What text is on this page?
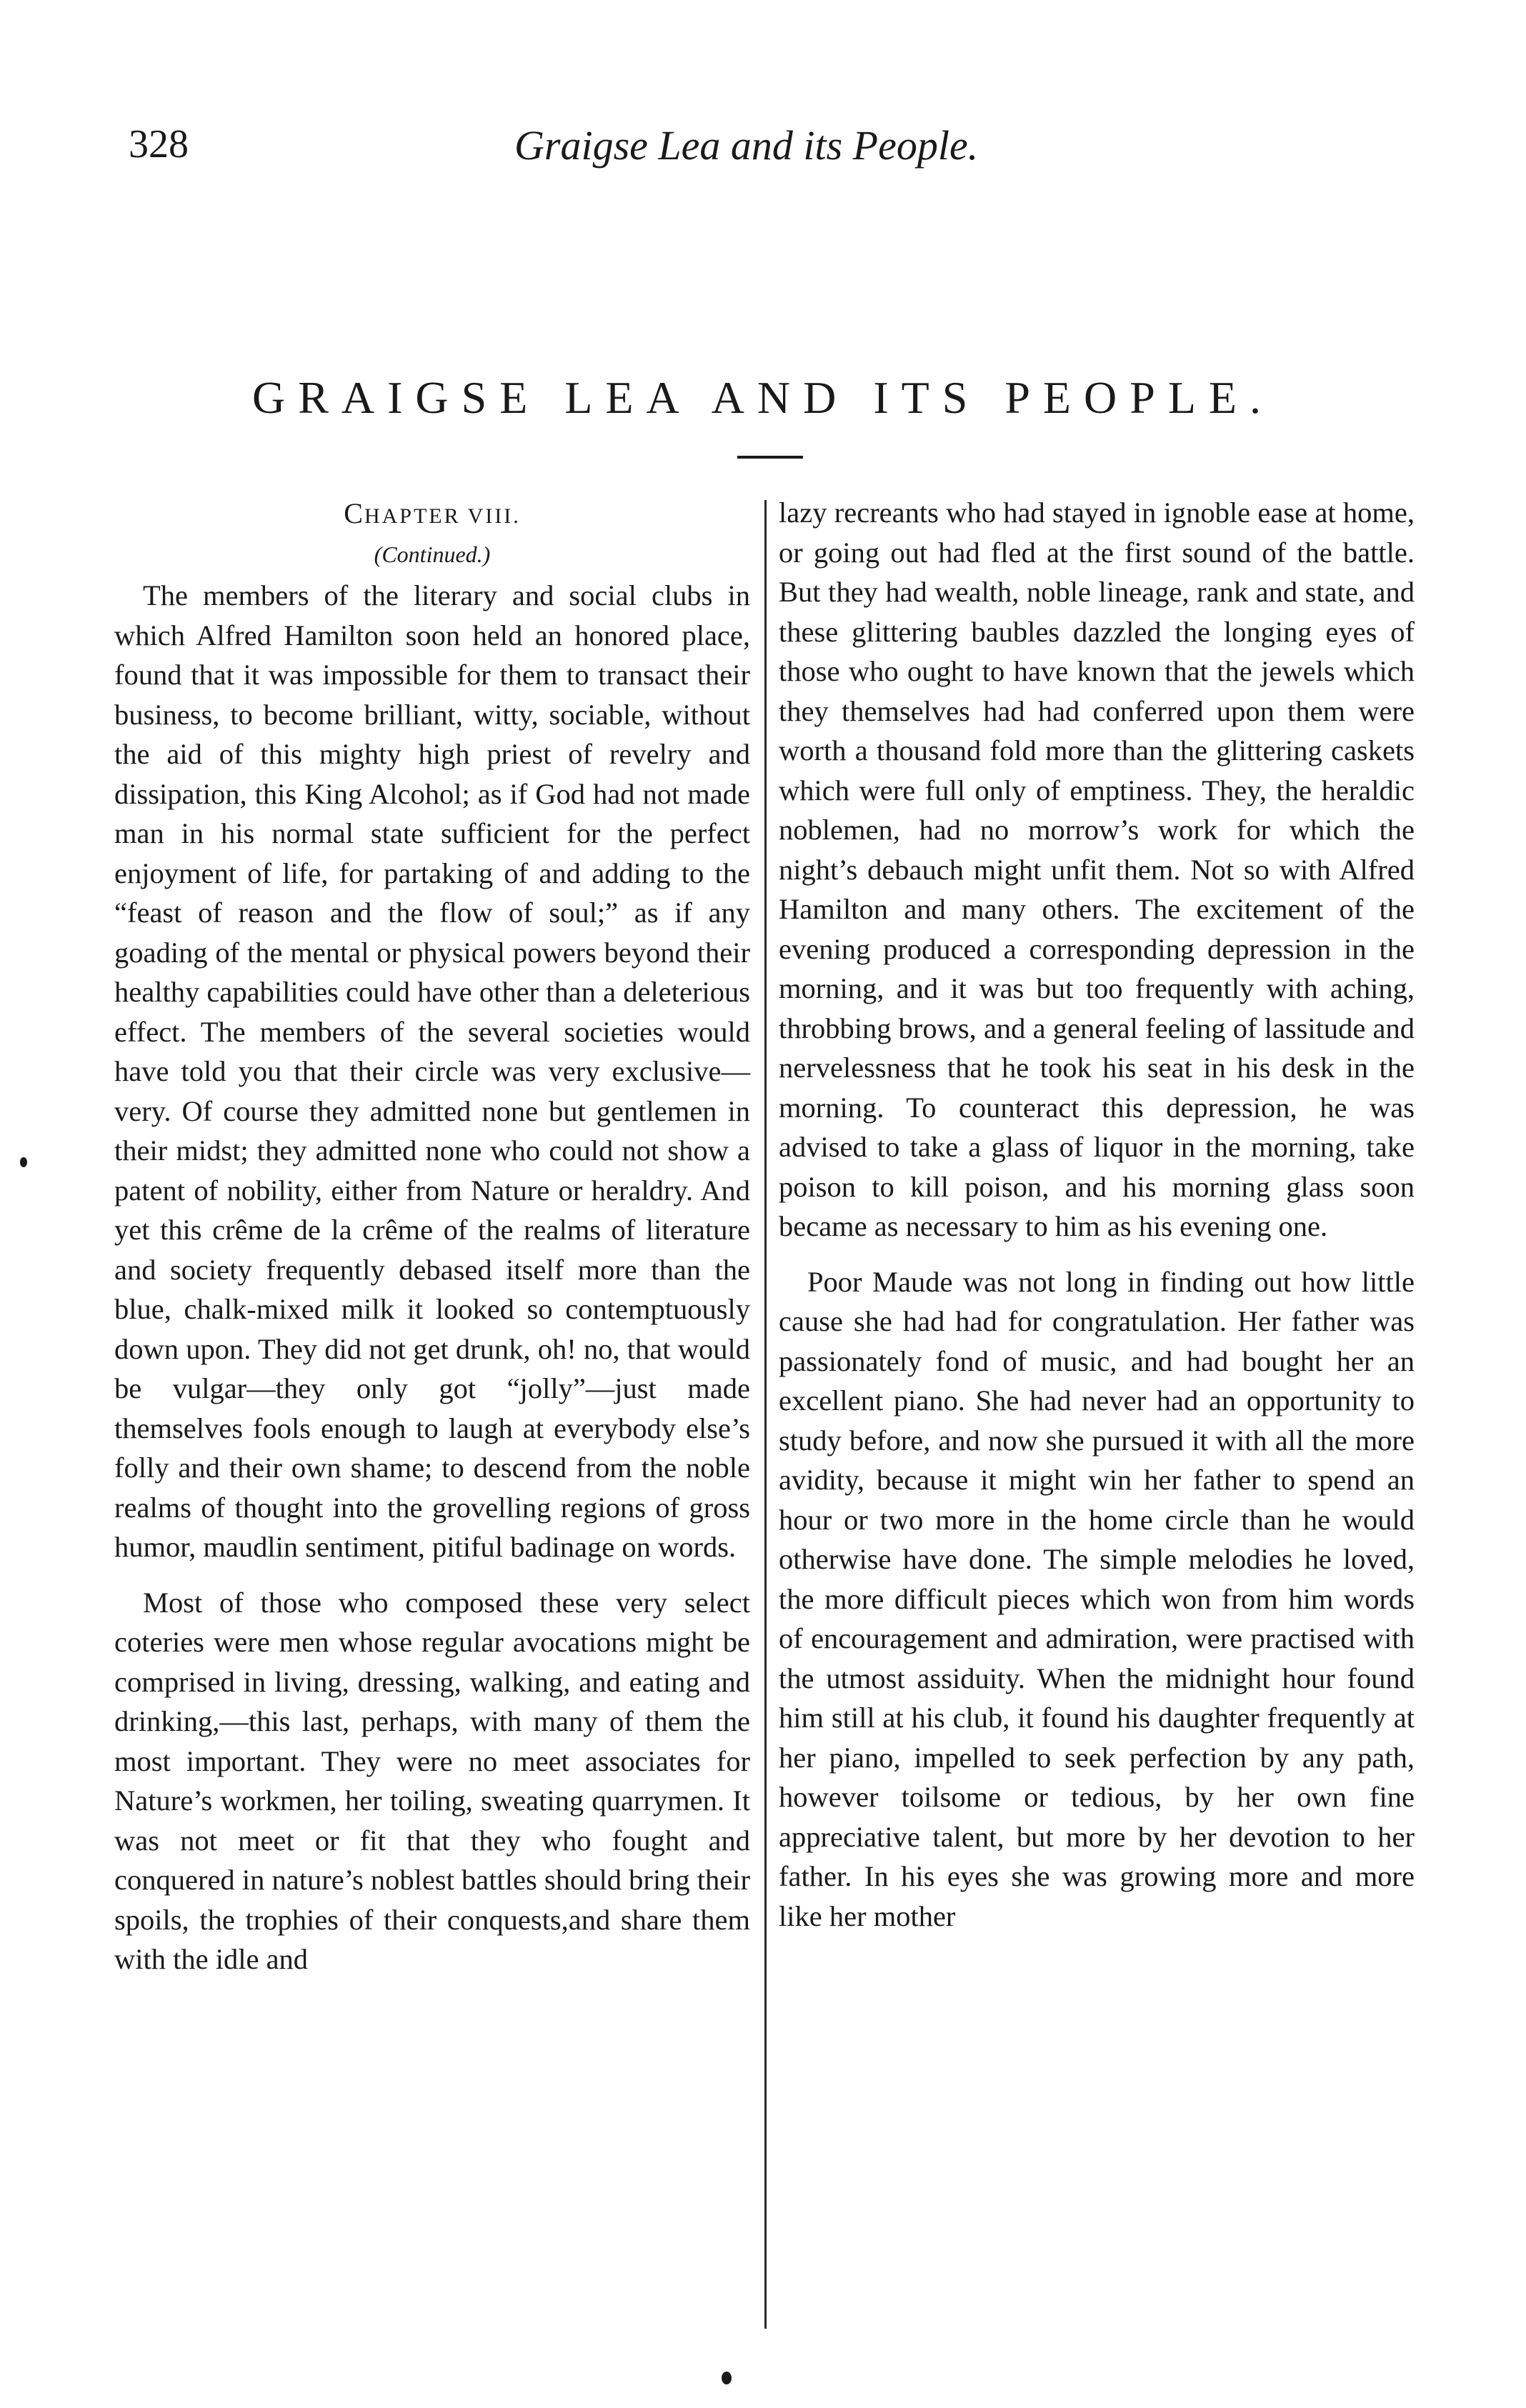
328	Graigse Lea and its People.
GRAIGSE LEA AND ITS PEOPLE.

CHAPTER VIII.

(Continued.)

The members of the literary and social clubs in which Alfred Hamilton soon held an honored place, found that it was impossible for them to transact their business, to become brilliant, witty, sociable, without the aid of this mighty high priest of revelry and dissipation, this King Alcohol; as if God had not made man in his normal state sufficient for the perfect enjoyment of life, for partaking of and adding to the “feast of reason and the flow of soul;” as if any goading of the mental or physical powers beyond their healthy capabilities could have other than a deleterious effect. The members of the several societies would have told you that their circle was very exclusive—very. Of course they admitted none but gentlemen in their midst; they admitted none who could not show a patent of nobility, either from Nature or heraldry. And yet this crême de la crême of the realms of literature and society frequently debased itself more than the blue, chalk-mixed milk it looked so contemptuously down upon. They did not get drunk, oh! no, that would be vulgar—they only got “jolly”—just made themselves fools enough to laugh at everybody else’s folly and their own shame; to descend from the noble realms of thought into the grovelling regions of gross humor, maudlin sentiment, pitiful badinage on words.

Most of those who composed these very select coteries were men whose regular avocations might be comprised in living, dressing, walking, and eating and drinking,—this last, perhaps, with many of them the most important. They were no meet associates for Nature’s workmen, her toiling, sweating quarrymen. It was not meet or fit that they who fought and conquered in nature’s noblest battles should bring their spoils, the trophies of their conquests,and share them with the idle and

lazy recreants who had stayed in ignoble ease at home, or going out had fled at the first sound of the battle. But they had wealth, noble lineage, rank and state, and these glittering baubles dazzled the longing eyes of those who ought to have known that the jewels which they themselves had had conferred upon them were worth a thousand fold more than the glittering caskets which were full only of emptiness. They, the heraldic noblemen, had no morrow’s work for which the night’s debauch might unfit them. Not so with Alfred Hamilton and many others. The excitement of the evening produced a corresponding depression in the morning, and it was but too frequently with aching, throbbing brows, and a general feeling of lassitude and nervelessness that he took his seat in his desk in the morning. To counteract this depression, he was advised to take a glass of liquor in the morning, take poison to kill poison, and his morning glass soon became as necessary to him as his evening one.

Poor Maude was not long in finding out how little cause she had had for congratulation. Her father was passionately fond of music, and had bought her an excellent piano. She had never had an opportunity to study before, and now she pursued it with all the more avidity, because it might win her father to spend an hour or two more in the home circle than he would otherwise have done. The simple melodies he loved, the more difficult pieces which won from him words of encouragement and admiration, were practised with the utmost assiduity. When the midnight hour found him still at his club, it found his daughter frequently at her piano, impelled to seek perfection by any path, however toilsome or tedious, by her own fine appreciative talent, but more by her devotion to her father. In his eyes she was growing more and more like her mother
